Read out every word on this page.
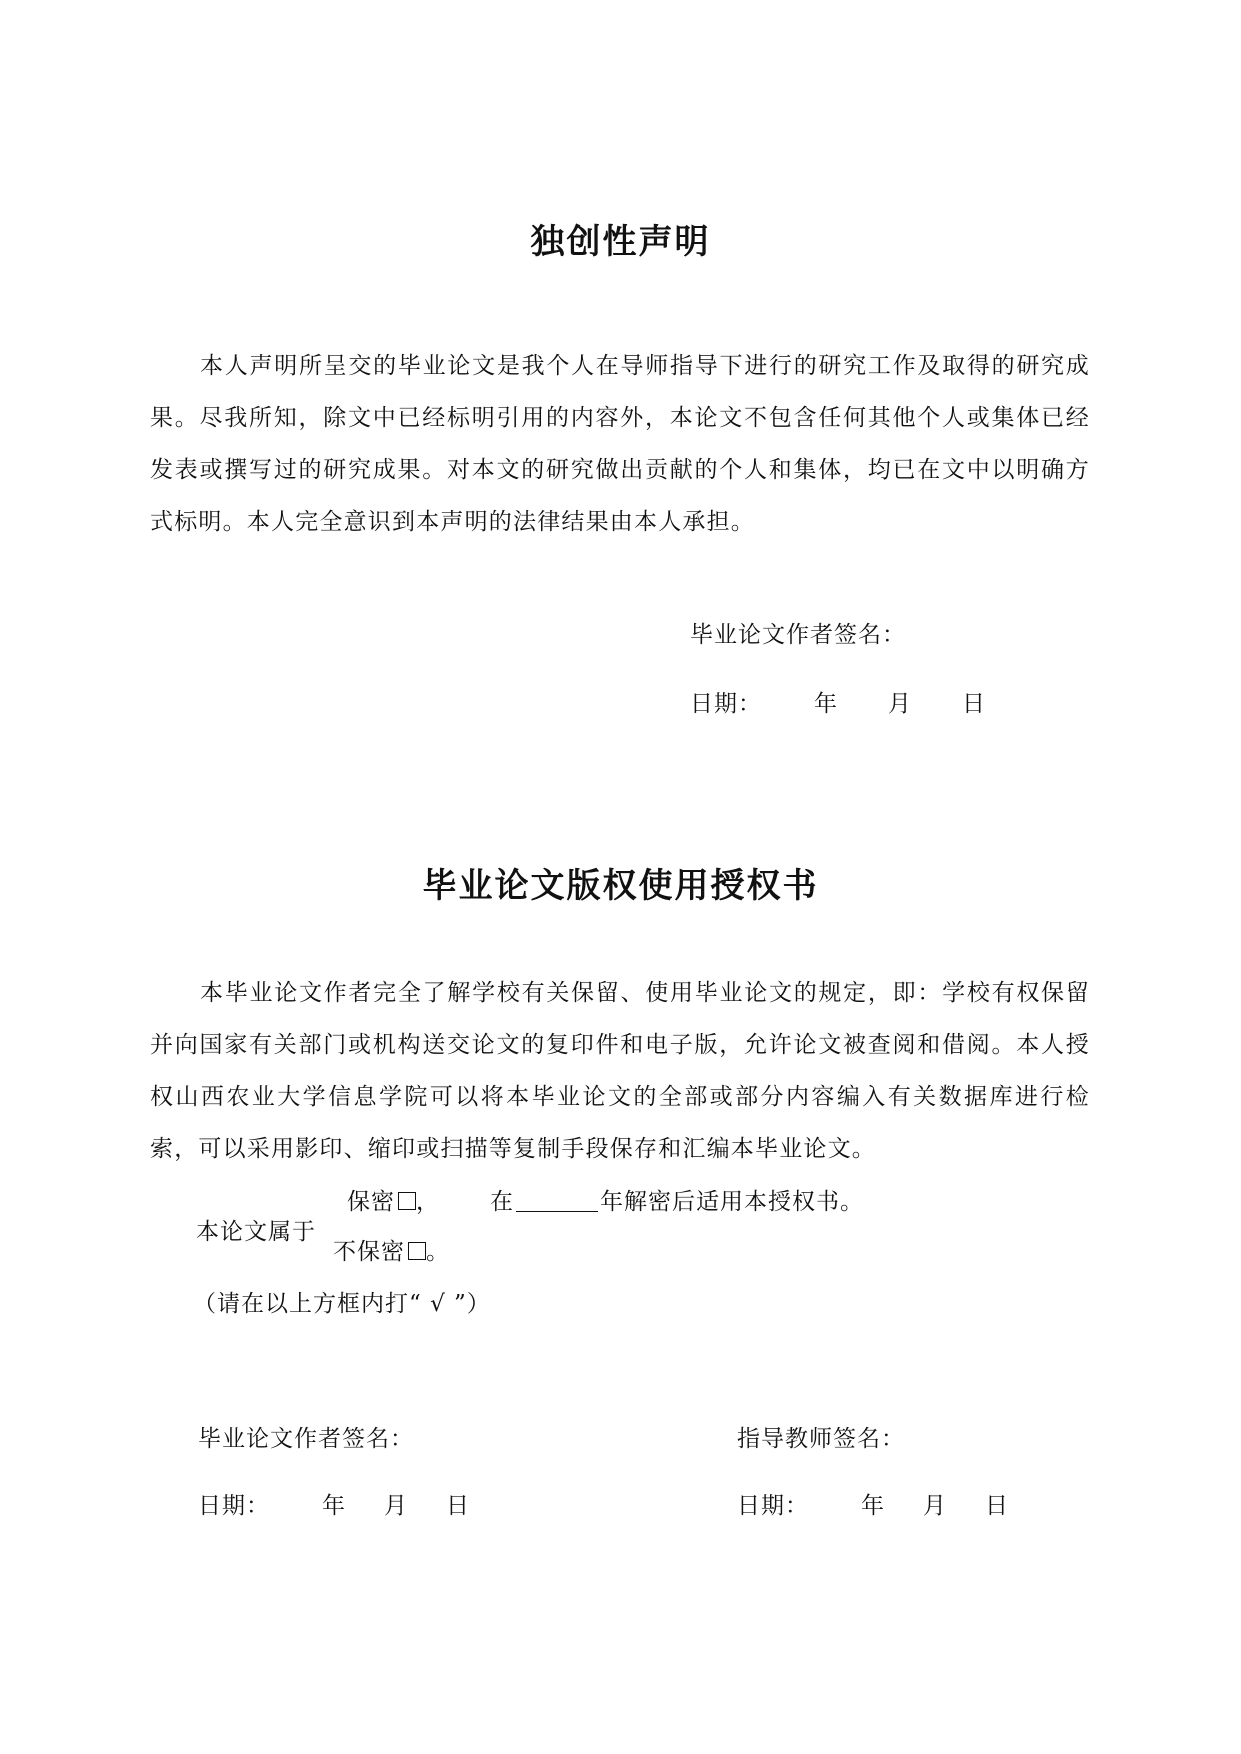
独创性声明
本人声明所呈交的毕业论文是我个人在导师指导下进行的研究工作及取得的研究成果。尽我所知，除文中已经标明引用的内容外，本论文不包含任何其他个人或集体已经发表或撰写过的研究成果。对本文的研究做出贡献的个人和集体，均已在文中以明确方式标明。本人完全意识到本声明的法律结果由本人承担。
毕业论文作者签名：
日期： 年 月 日
毕业论文版权使用授权书
本毕业论文作者完全了解学校有关保留、使用毕业论文的规定，即：学校有权保留并向国家有关部门或机构送交论文的复印件和电子版，允许论文被查阅和借阅。本人授权山西农业大学信息学院可以将本毕业论文的全部或部分内容编入有关数据库进行检索，可以采用影印、缩印或扫描等复制手段保存和汇编本毕业论文。
保密 ， 在	年解密后适用本授权书。
本论文属于
不保密 。
（请在以上方框内打“ √ ”）
毕业论文作者签名：	指导教师签名：
日期： 年 月 日	日期： 年 月 日
